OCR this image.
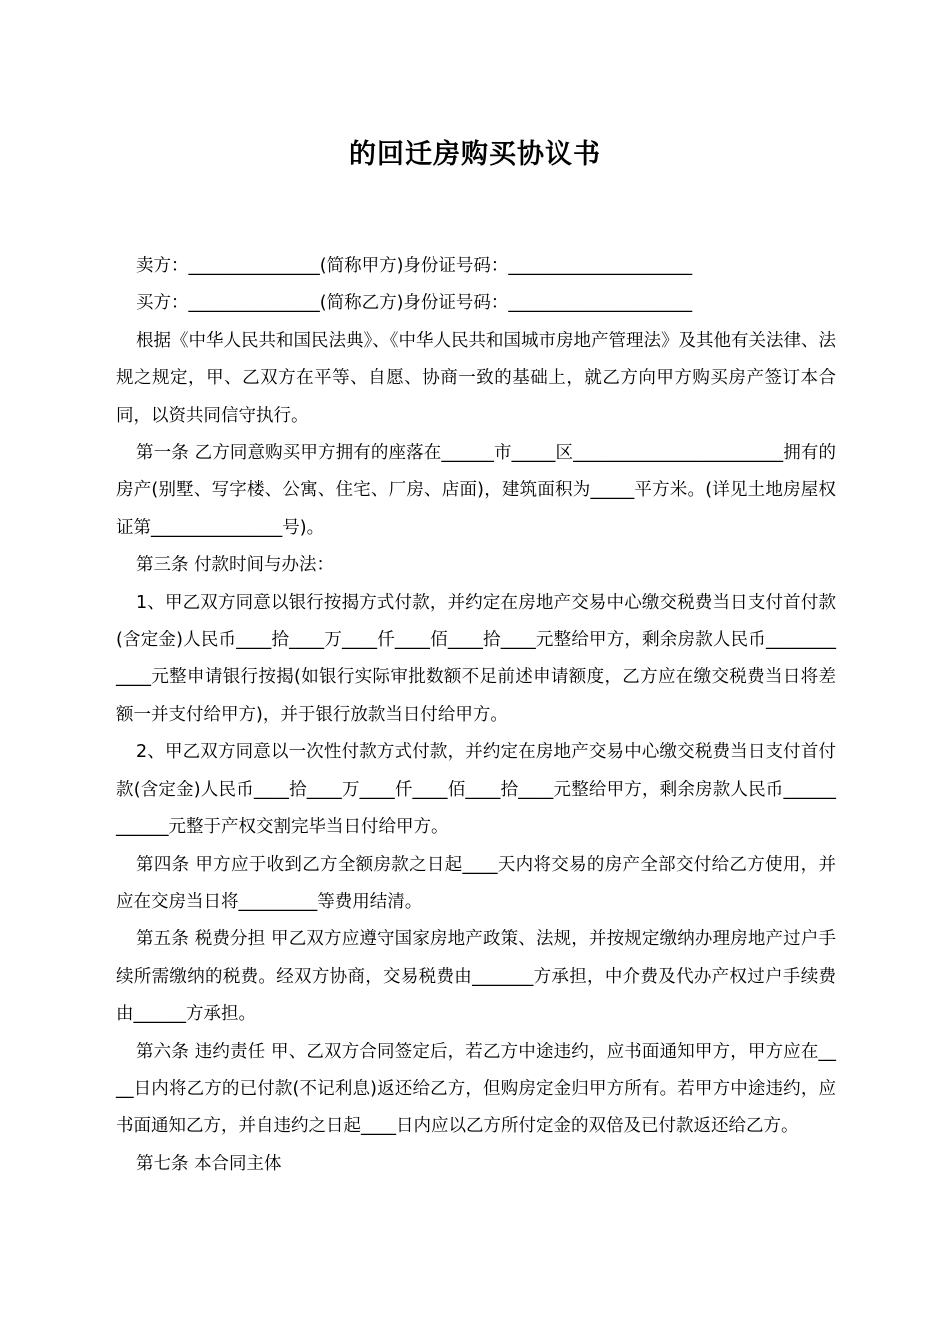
的回迁房购买协议书

卖方：_______________(简称甲方)身份证号码：_____________________

买方：_______________(简称乙方)身份证号码：_____________________

根据《中华人民共和国民法典》、《中华人民共和国城市房地产管理法》及其他有关法律、法规之规定，甲、乙双方在平等、自愿、协商一致的基础上，就乙方向甲方购买房产签订本合同，以资共同信守执行。

第一条 乙方同意购买甲方拥有的座落在______市_____区________________________拥有的房产(别墅、写字楼、公寓、住宅、厂房、店面)，建筑面积为_____平方米。(详见土地房屋权证第_______________号)。

第三条 付款时间与办法：

1、甲乙双方同意以银行按揭方式付款，并约定在房地产交易中心缴交税费当日支付首付款(含定金)人民币____拾____万____仟____佰____拾____元整给甲方，剩余房款人民币____________元整申请银行按揭(如银行实际审批数额不足前述申请额度，乙方应在缴交税费当日将差额一并支付给甲方)，并于银行放款当日付给甲方。

2、甲乙双方同意以一次性付款方式付款，并约定在房地产交易中心缴交税费当日支付首付款(含定金)人民币____拾____万____仟____佰____拾____元整给甲方，剩余房款人民币____________元整于产权交割完毕当日付给甲方。

第四条 甲方应于收到乙方全额房款之日起____天内将交易的房产全部交付给乙方使用，并应在交房当日将_________等费用结清。

第五条 税费分担 甲乙双方应遵守国家房地产政策、法规，并按规定缴纳办理房地产过户手续所需缴纳的税费。经双方协商，交易税费由_______方承担，中介费及代办产权过户手续费由______方承担。

第六条 违约责任 甲、乙双方合同签定后，若乙方中途违约，应书面通知甲方，甲方应在____日内将乙方的已付款(不记利息)返还给乙方，但购房定金归甲方所有。若甲方中途违约，应书面通知乙方，并自违约之日起____日内应以乙方所付定金的双倍及已付款返还给乙方。

第七条 本合同主体
